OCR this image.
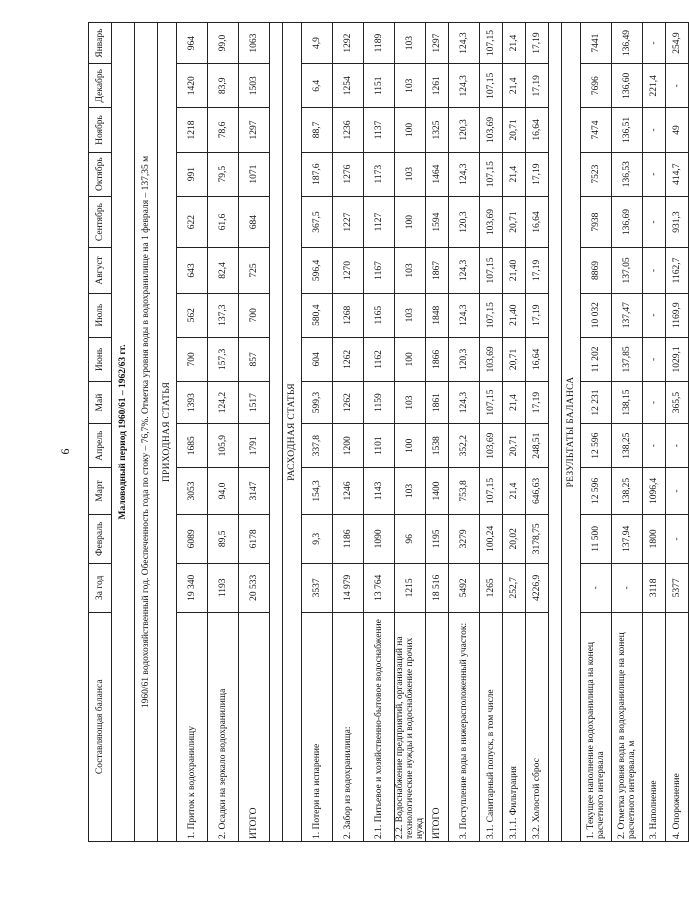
9
Составляющая баланса	За год	Февраль	Март	Апрель	Май	Июнь	Июль	Август	Сентябрь	Октябрь	Ноябрь	Декабрь	Январь
Маловодный период 1960/61 – 1962/63 гг.													
1960/61 водохозяйственный год. Обеспеченность года по стоку – 76,7%. Отметка уровня воды в водохранилище на 1 февраля – 137,35 м													
ПРИХОДНАЯ СТАТЬЯ													
1. Приток к водохранилищу	19 340	6089	3053	1685	1393	700	562	643	622	991	1218	1420	964
2. Осадки на зеркало водохранилища	1193	89,5	94,0	105,9	124,2	157,3	137,3	82,4	61,6	79,5	78,6	83,9	99,0
ИТОГО	20 533	6178	3147	1791	1517	857	700	725	684	1071	1297	1503	1063

РАСХОДНАЯ СТАТЬЯ													
1. Потери на испарение	3537	9,3	154,3	337,8	599,3	604	580,4	596,4	367,5	187,6	88,7	6,4	4,9
2. Забор из водохранилища:	14 979	1186	1246	1200	1262	1262	1268	1270	1227	1276	1236	1254	1292
2.1. Питьевое и хозяйственно-бытовое водоснабжение	13 764	1090	1143	1101	1159	1162	1165	1167	1127	1173	1137	1151	1189
2.2. Водоснабжение предприятий, организаций на технологические нужды и водоснабжение прочих нужд	1215	96	103	100	103	100	103	103	100	103	100	103	103
ИТОГО	18 516	1195	1400	1538	1861	1866	1848	1867	1594	1464	1325	1261	1297
3. Поступление воды в нижерасположенный участок:	5492	3279	753,8	352,2	124,3	120,3	124,3	124,3	120,3	124,3	120,3	124,3	124,3
3.1. Санитарный попуск, в том числе	1265	100,24	107,15	103,69	107,15	103,69	107,15	107,15	103,69	107,15	103,69	107,15	107,15
3.1.1. Фильтрация	252,7	20,02	21,4	20,71	21,4	20,71	21,40	21,40	20,71	21,4	20,71	21,4	21,4
3.2. Холостой сброс	4226,9	3178,75	646,63	248,51	17,19	16,64	17,19	17,19	16,64	17,19	16,64	17,19	17,19

РЕЗУЛЬТАТЫ БАЛАНСА													
1. Текущее наполнение водохранилища на конец расчетного интервала	-	11 500	12 596	12 596	12 231	11 202	10 032	8869	7938	7523	7474	7696	7441
2. Отметка уровня воды в водохранилище на конец расчетного интервала, м	-	137,94	138,25	138,25	138,15	137,85	137,47	137,05	136,69	136,53	136,51	136,60	136,49
3. Наполнение	3118	1800	1096,4	-	-	-	-	-	-	-	-	221,4	-
4. Опорожнение	5377	-	-	-	365,5	1029,1	1169,9	1162,7	931,3	414,7	49	-	254,9
